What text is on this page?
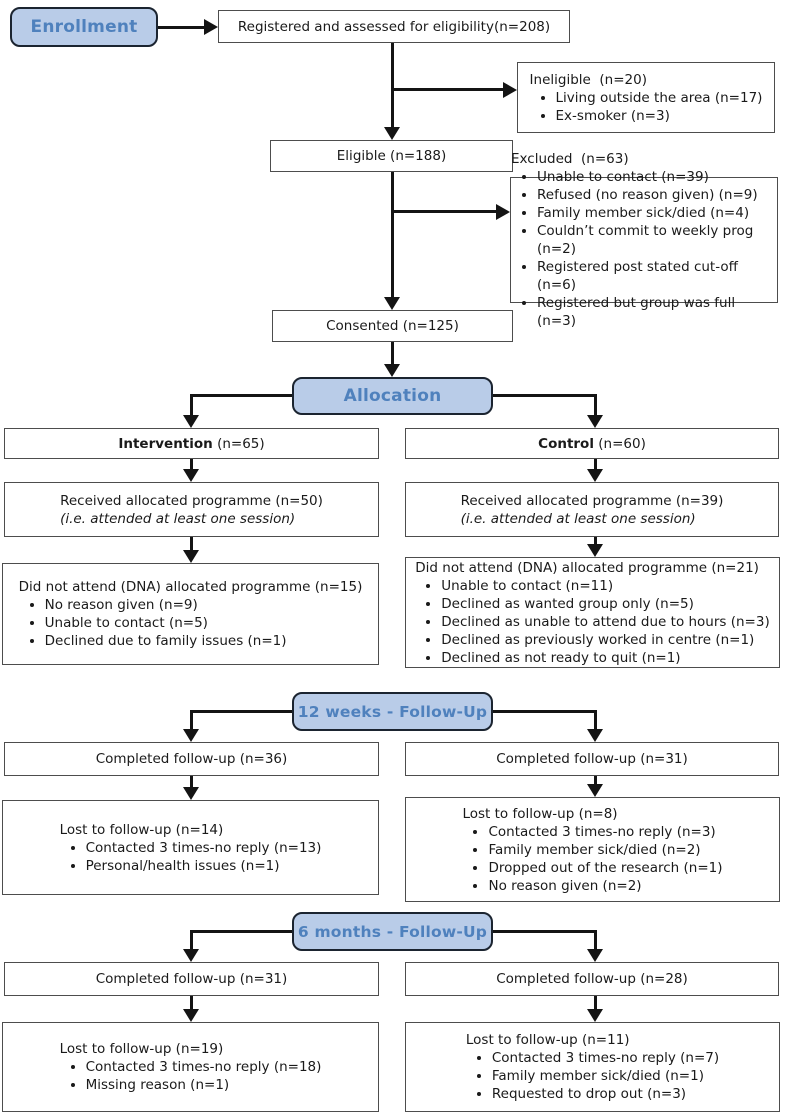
Enrollment
Allocation
12 weeks - Follow-Up
6 months - Follow-Up
Registered and assessed for eligibility(n=208)
Ineligible  (n=20)
• Living outside the area (n=17)
• Ex-smoker (n=3)
Eligible (n=188)	Excluded  (n=63)
• Unable to contact (n=39)
• Refused (no reason given) (n=9)
• Family member sick/died (n=4)
• Couldn’t commit to weekly prog (n=2)
• Registered post stated cut-off (n=6)
• Registered but group was full (n=3)
Consented (n=125)
Intervention (n=65)	Control (n=60)
Received allocated programme (n=50)
(i.e. attended at least one session)
Received allocated programme (n=39)
(i.e. attended at least one session)
Did not attend (DNA) allocated programme (n=15)
• No reason given (n=9)
• Unable to contact (n=5)
• Declined due to family issues (n=1)
Did not attend (DNA) allocated programme (n=21)
• Unable to contact (n=11)
• Declined as wanted group only (n=5)
• Declined as unable to attend due to hours (n=3)
• Declined as previously worked in centre (n=1)
• Declined as not ready to quit (n=1)
Completed follow-up (n=36)	Completed follow-up (n=31)
Lost to follow-up (n=14)
• Contacted 3 times-no reply (n=13)
• Personal/health issues (n=1)
Lost to follow-up (n=8)
• Contacted 3 times-no reply (n=3)
• Family member sick/died (n=2)
• Dropped out of the research (n=1)
• No reason given (n=2)
Completed follow-up (n=31)	Completed follow-up (n=28)
Lost to follow-up (n=19)
• Contacted 3 times-no reply (n=18)
• Missing reason (n=1)
Lost to follow-up (n=11)
• Contacted 3 times-no reply (n=7)
• Family member sick/died (n=1)
• Requested to drop out (n=3)
